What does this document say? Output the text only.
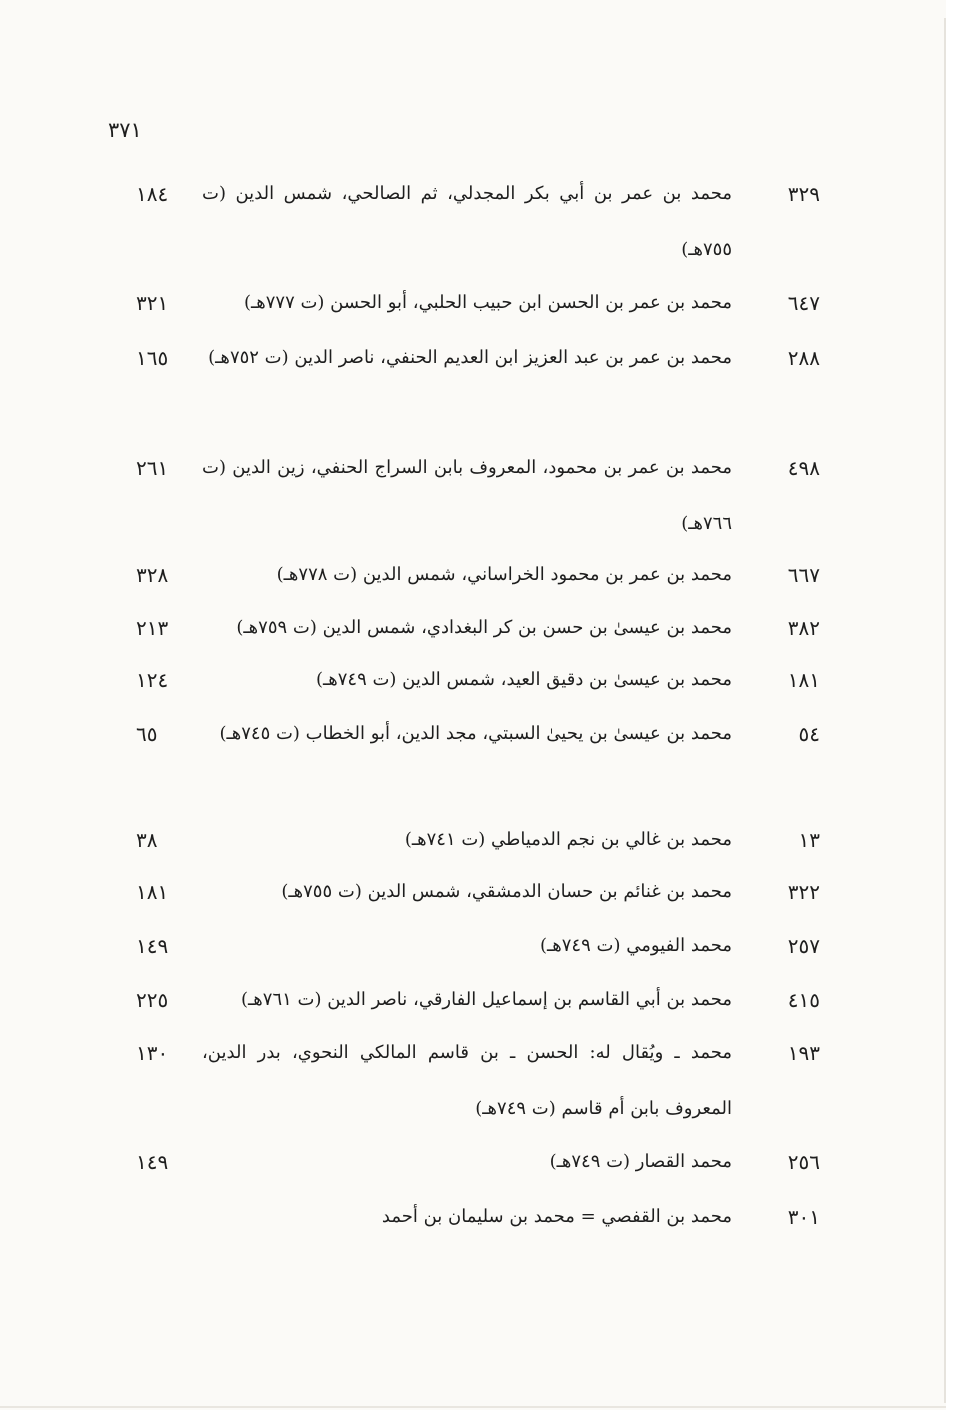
٣٧١
٣٢٩
محمد بن عمر بن أبي بكر المجدلي، ثم الصالحي، شمس الدين (ت ٧٥٥هـ)
١٨٤
٦٤٧
محمد بن عمر بن الحسن ابن حبيب الحلبي، أبو الحسن (ت ٧٧٧هـ)
٣٢١
٢٨٨
محمد بن عمر بن عبد العزيز ابن العديم الحنفي، ناصر الدين (ت ٧٥٢هـ)
١٦٥
٤٩٨
محمد بن عمر بن محمود، المعروف بابن السراج الحنفي، زين الدين (ت ٧٦٦هـ)
٢٦١
٦٦٧
محمد بن عمر بن محمود الخراساني، شمس الدين (ت ٧٧٨هـ)
٣٢٨
٣٨٢
محمد بن عيسىٰ بن حسن بن كر البغدادي، شمس الدين (ت ٧٥٩هـ)
٢١٣
١٨١
محمد بن عيسىٰ بن دقيق العيد، شمس الدين (ت ٧٤٩هـ)
١٢٤
٥٤
محمد بن عيسىٰ بن يحيىٰ السبتي، مجد الدين، أبو الخطاب (ت ٧٤٥هـ)
٦٥
١٣
محمد بن غالي بن نجم الدمياطي (ت ٧٤١هـ)
٣٨
٣٢٢
محمد بن غنائم بن حسان الدمشقي، شمس الدين (ت ٧٥٥هـ)
١٨١
٢٥٧
محمد الفيومي (ت ٧٤٩هـ)
١٤٩
٤١٥
محمد بن أبي القاسم بن إسماعيل الفارقي، ناصر الدين (ت ٧٦١هـ)
٢٢٥
١٩٣
محمد ـ ويُقال له: الحسن ـ بن قاسم المالكي النحوي، بدر الدين، المعروف بابن أم قاسم (ت ٧٤٩هـ)
١٣٠
٢٥٦
محمد القصار (ت ٧٤٩هـ)
١٤٩
٣٠١
محمد بن القفصي = محمد بن سليمان بن أحمد
